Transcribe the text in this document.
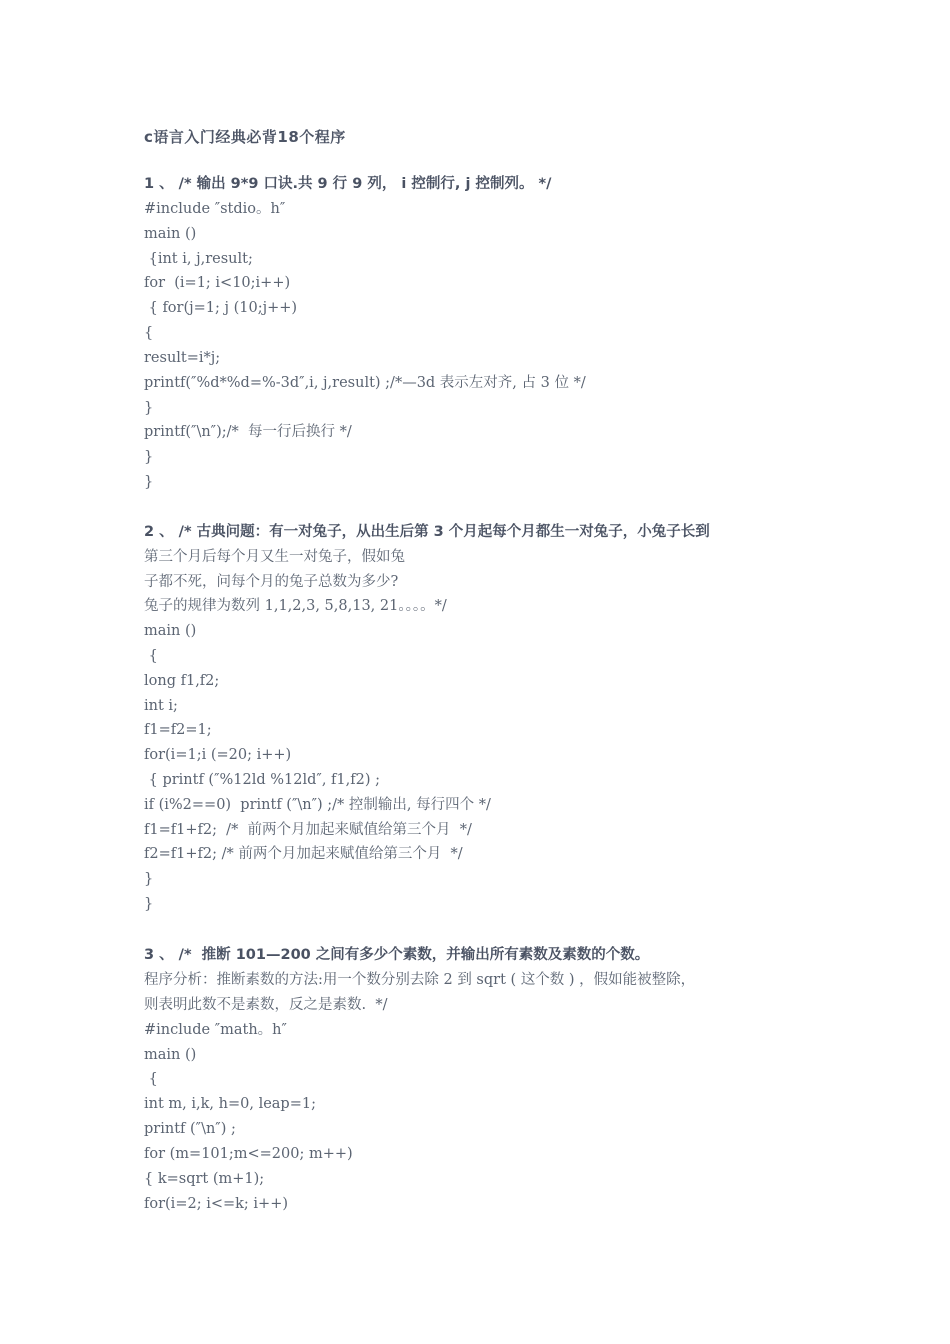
c语言入门经典必背18个程序
1 、 /* 输出 9*9 口诀.共 9 行 9 列， i 控制行, j 控制列。 */
#include ″stdio。h″
main ()
{int i, j,result;
for  (i=1; i<10;i++)
{ for(j=1; j (10;j++)
{
result=i*j;
printf(″%d*%d=%-3d″,i, j,result) ;/*—3d 表示左对齐, 占 3 位 */
}
printf(″\n″);/*  每一行后换行 */
}
}
2 、 /* 古典问题：有一对兔子，从出生后第 3 个月起每个月都生一对兔子，小兔子长到
第三个月后每个月又生一对兔子，假如兔
子都不死，问每个月的兔子总数为多少?
兔子的规律为数列 1,1,2,3, 5,8,13, 21。。。。*/
main ()
{
long f1,f2;
int i;
f1=f2=1;
for(i=1;i (=20; i++)
{ printf (″%12ld %12ld″, f1,f2) ;
if (i%2==0)  printf (″\n″) ;/* 控制输出, 每行四个 */
f1=f1+f2;  /*  前两个月加起来赋值给第三个月  */
f2=f1+f2; /* 前两个月加起来赋值给第三个月  */
}
}
3 、 /*  推断 101—200 之间有多少个素数，并输出所有素数及素数的个数。
程序分析：推断素数的方法:用一个数分别去除 2 到 sqrt ( 这个数 ) ，假如能被整除，
则表明此数不是素数，反之是素数.  */
#include ″math。h″
main ()
{
int m, i,k, h=0, leap=1;
printf (″\n″) ;
for (m=101;m<=200; m++)
{ k=sqrt (m+1);
for(i=2; i<=k; i++)
